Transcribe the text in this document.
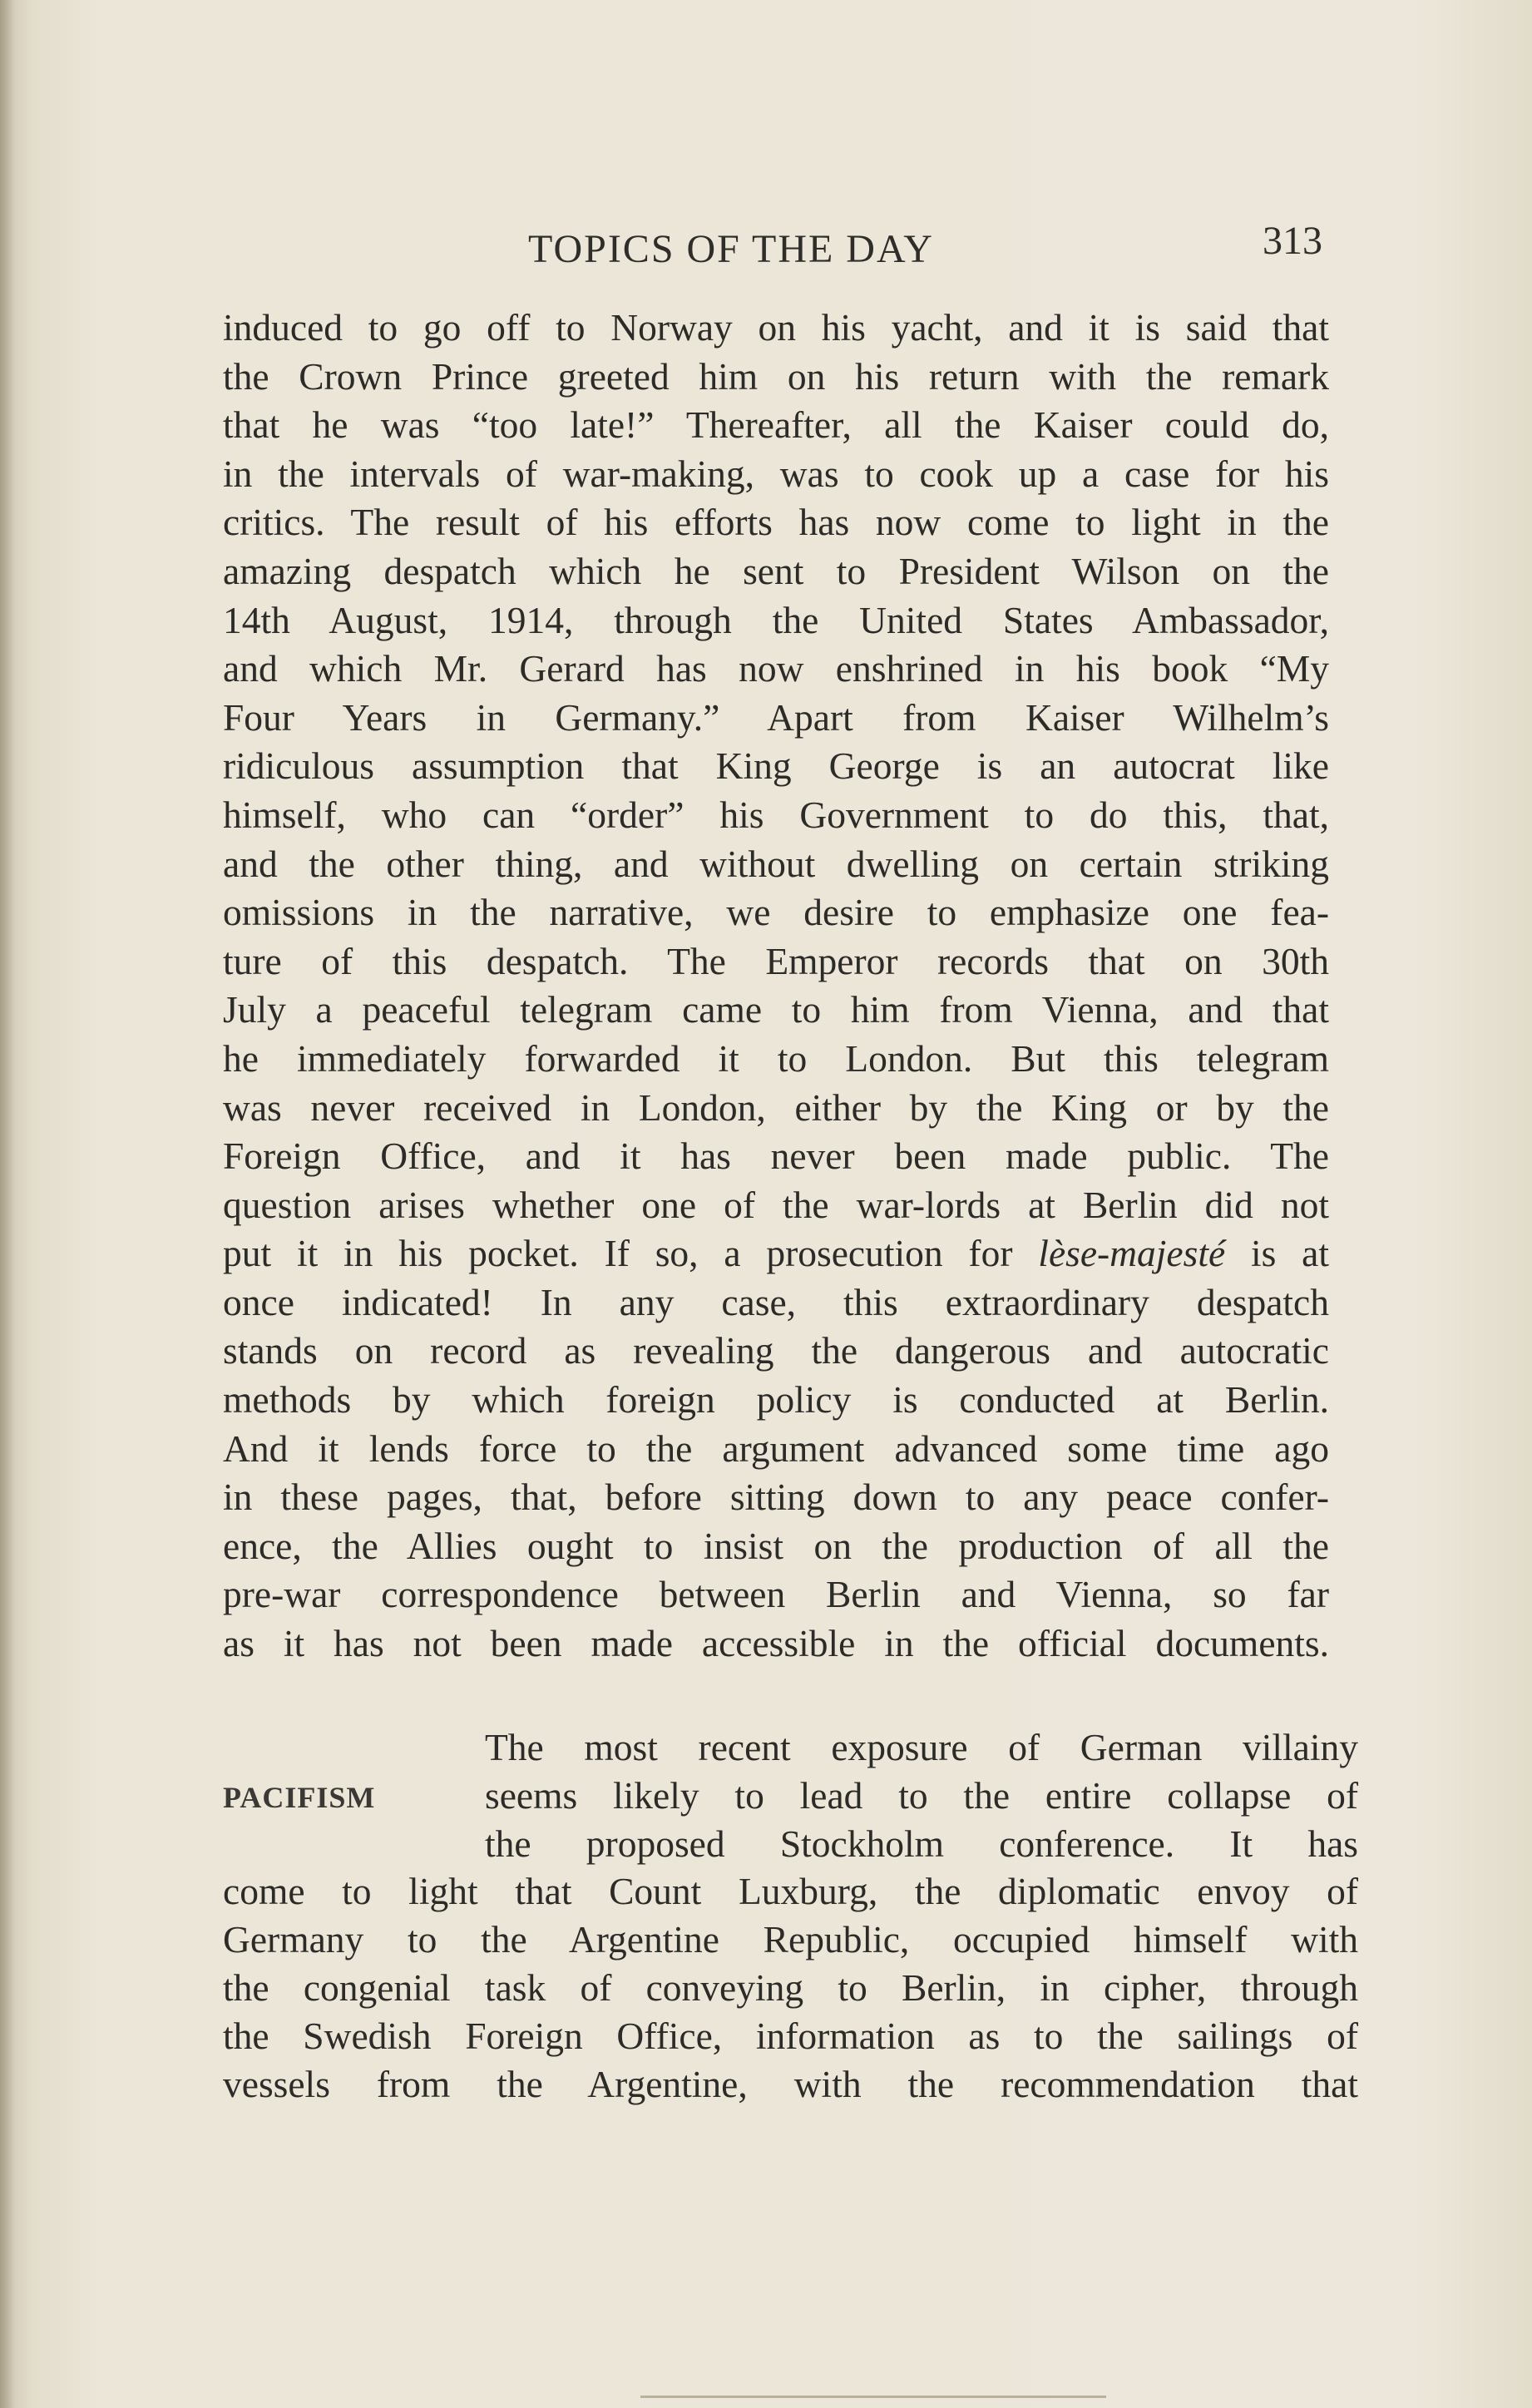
TOPICS OF THE DAY	313
induced to go off to Norway on his yacht, and it is said that
the Crown Prince greeted him on his return with the remark
that he was “too late!” Thereafter, all the Kaiser could do,
in the intervals of war-making, was to cook up a case for his
critics. The result of his efforts has now come to light in the
amazing despatch which he sent to President Wilson on the
14th August, 1914, through the United States Ambassador,
and which Mr. Gerard has now enshrined in his book “My
Four Years in Germany.” Apart from Kaiser Wilhelm’s
ridiculous assumption that King George is an autocrat like
himself, who can “order” his Government to do this, that,
and the other thing, and without dwelling on certain striking
omissions in the narrative, we desire to emphasize one fea-
ture of this despatch. The Emperor records that on 30th
July a peaceful telegram came to him from Vienna, and that
he immediately forwarded it to London. But this telegram
was never received in London, either by the King or by the
Foreign Office, and it has never been made public. The
question arises whether one of the war-lords at Berlin did not
put it in his pocket. If so, a prosecution for lèse-majesté is at
once indicated! In any case, this extraordinary despatch
stands on record as revealing the dangerous and autocratic
methods by which foreign policy is conducted at Berlin.
And it lends force to the argument advanced some time ago
in these pages, that, before sitting down to any peace confer-
ence, the Allies ought to insist on the production of all the
pre-war correspondence between Berlin and Vienna, so far
as it has not been made accessible in the official documents.
PACIFISM
The most recent exposure of German villainy
seems likely to lead to the entire collapse of
the proposed Stockholm conference. It has
come to light that Count Luxburg, the diplomatic envoy of
Germany to the Argentine Republic, occupied himself with
the congenial task of conveying to Berlin, in cipher, through
the Swedish Foreign Office, information as to the sailings of
vessels from the Argentine, with the recommendation that
